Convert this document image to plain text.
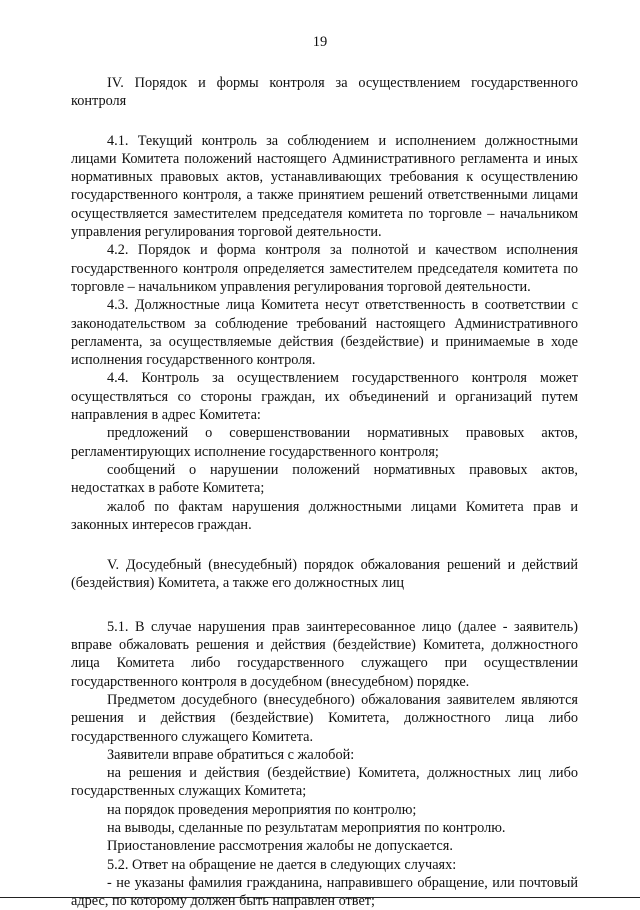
19

IV. Порядок и формы контроля за осуществлением государственного контроля

4.1. Текущий контроль за соблюдением и исполнением должностными лицами Комитета положений настоящего Административного регламента и иных нормативных правовых актов, устанавливающих требования к осуществлению государственного контроля, а также принятием решений ответственными лицами осуществляется заместителем председателя комитета по торговле – начальником управления регулирования торговой деятельности.

4.2. Порядок и форма контроля за полнотой и качеством исполнения государственного контроля определяется заместителем председателя комитета по торговле – начальником управления регулирования торговой деятельности.

4.3. Должностные лица Комитета несут ответственность в соответствии с законодательством за соблюдение требований настоящего Административного регламента, за осуществляемые действия (бездействие) и принимаемые в ходе исполнения государственного контроля.

4.4. Контроль за осуществлением государственного контроля может осуществляться со стороны граждан, их объединений и организаций путем направления в адрес Комитета:

предложений о совершенствовании нормативных правовых актов, регламентирующих исполнение государственного контроля;

сообщений о нарушении положений нормативных правовых актов, недостатках в работе Комитета;

жалоб по фактам нарушения должностными лицами Комитета прав и законных интересов граждан.

V. Досудебный (внесудебный) порядок обжалования решений и действий (бездействия) Комитета, а также его должностных лиц

5.1. В случае нарушения прав заинтересованное лицо (далее - заявитель) вправе обжаловать решения и действия (бездействие) Комитета, должностного лица Комитета либо государственного служащего при осуществлении государственного контроля в досудебном (внесудебном) порядке.

Предметом досудебного (внесудебного) обжалования заявителем являются решения и действия (бездействие) Комитета, должностного лица либо государственного служащего Комитета.

Заявители вправе обратиться с жалобой:

на решения и действия (бездействие) Комитета, должностных лиц либо государственных служащих Комитета;

на порядок проведения мероприятия по контролю;

на выводы, сделанные по результатам мероприятия по контролю.

Приостановление рассмотрения жалобы не допускается.

5.2. Ответ на обращение не дается в следующих случаях:

- не указаны фамилия гражданина, направившего обращение, или почтовый адрес, по которому должен быть направлен ответ;
